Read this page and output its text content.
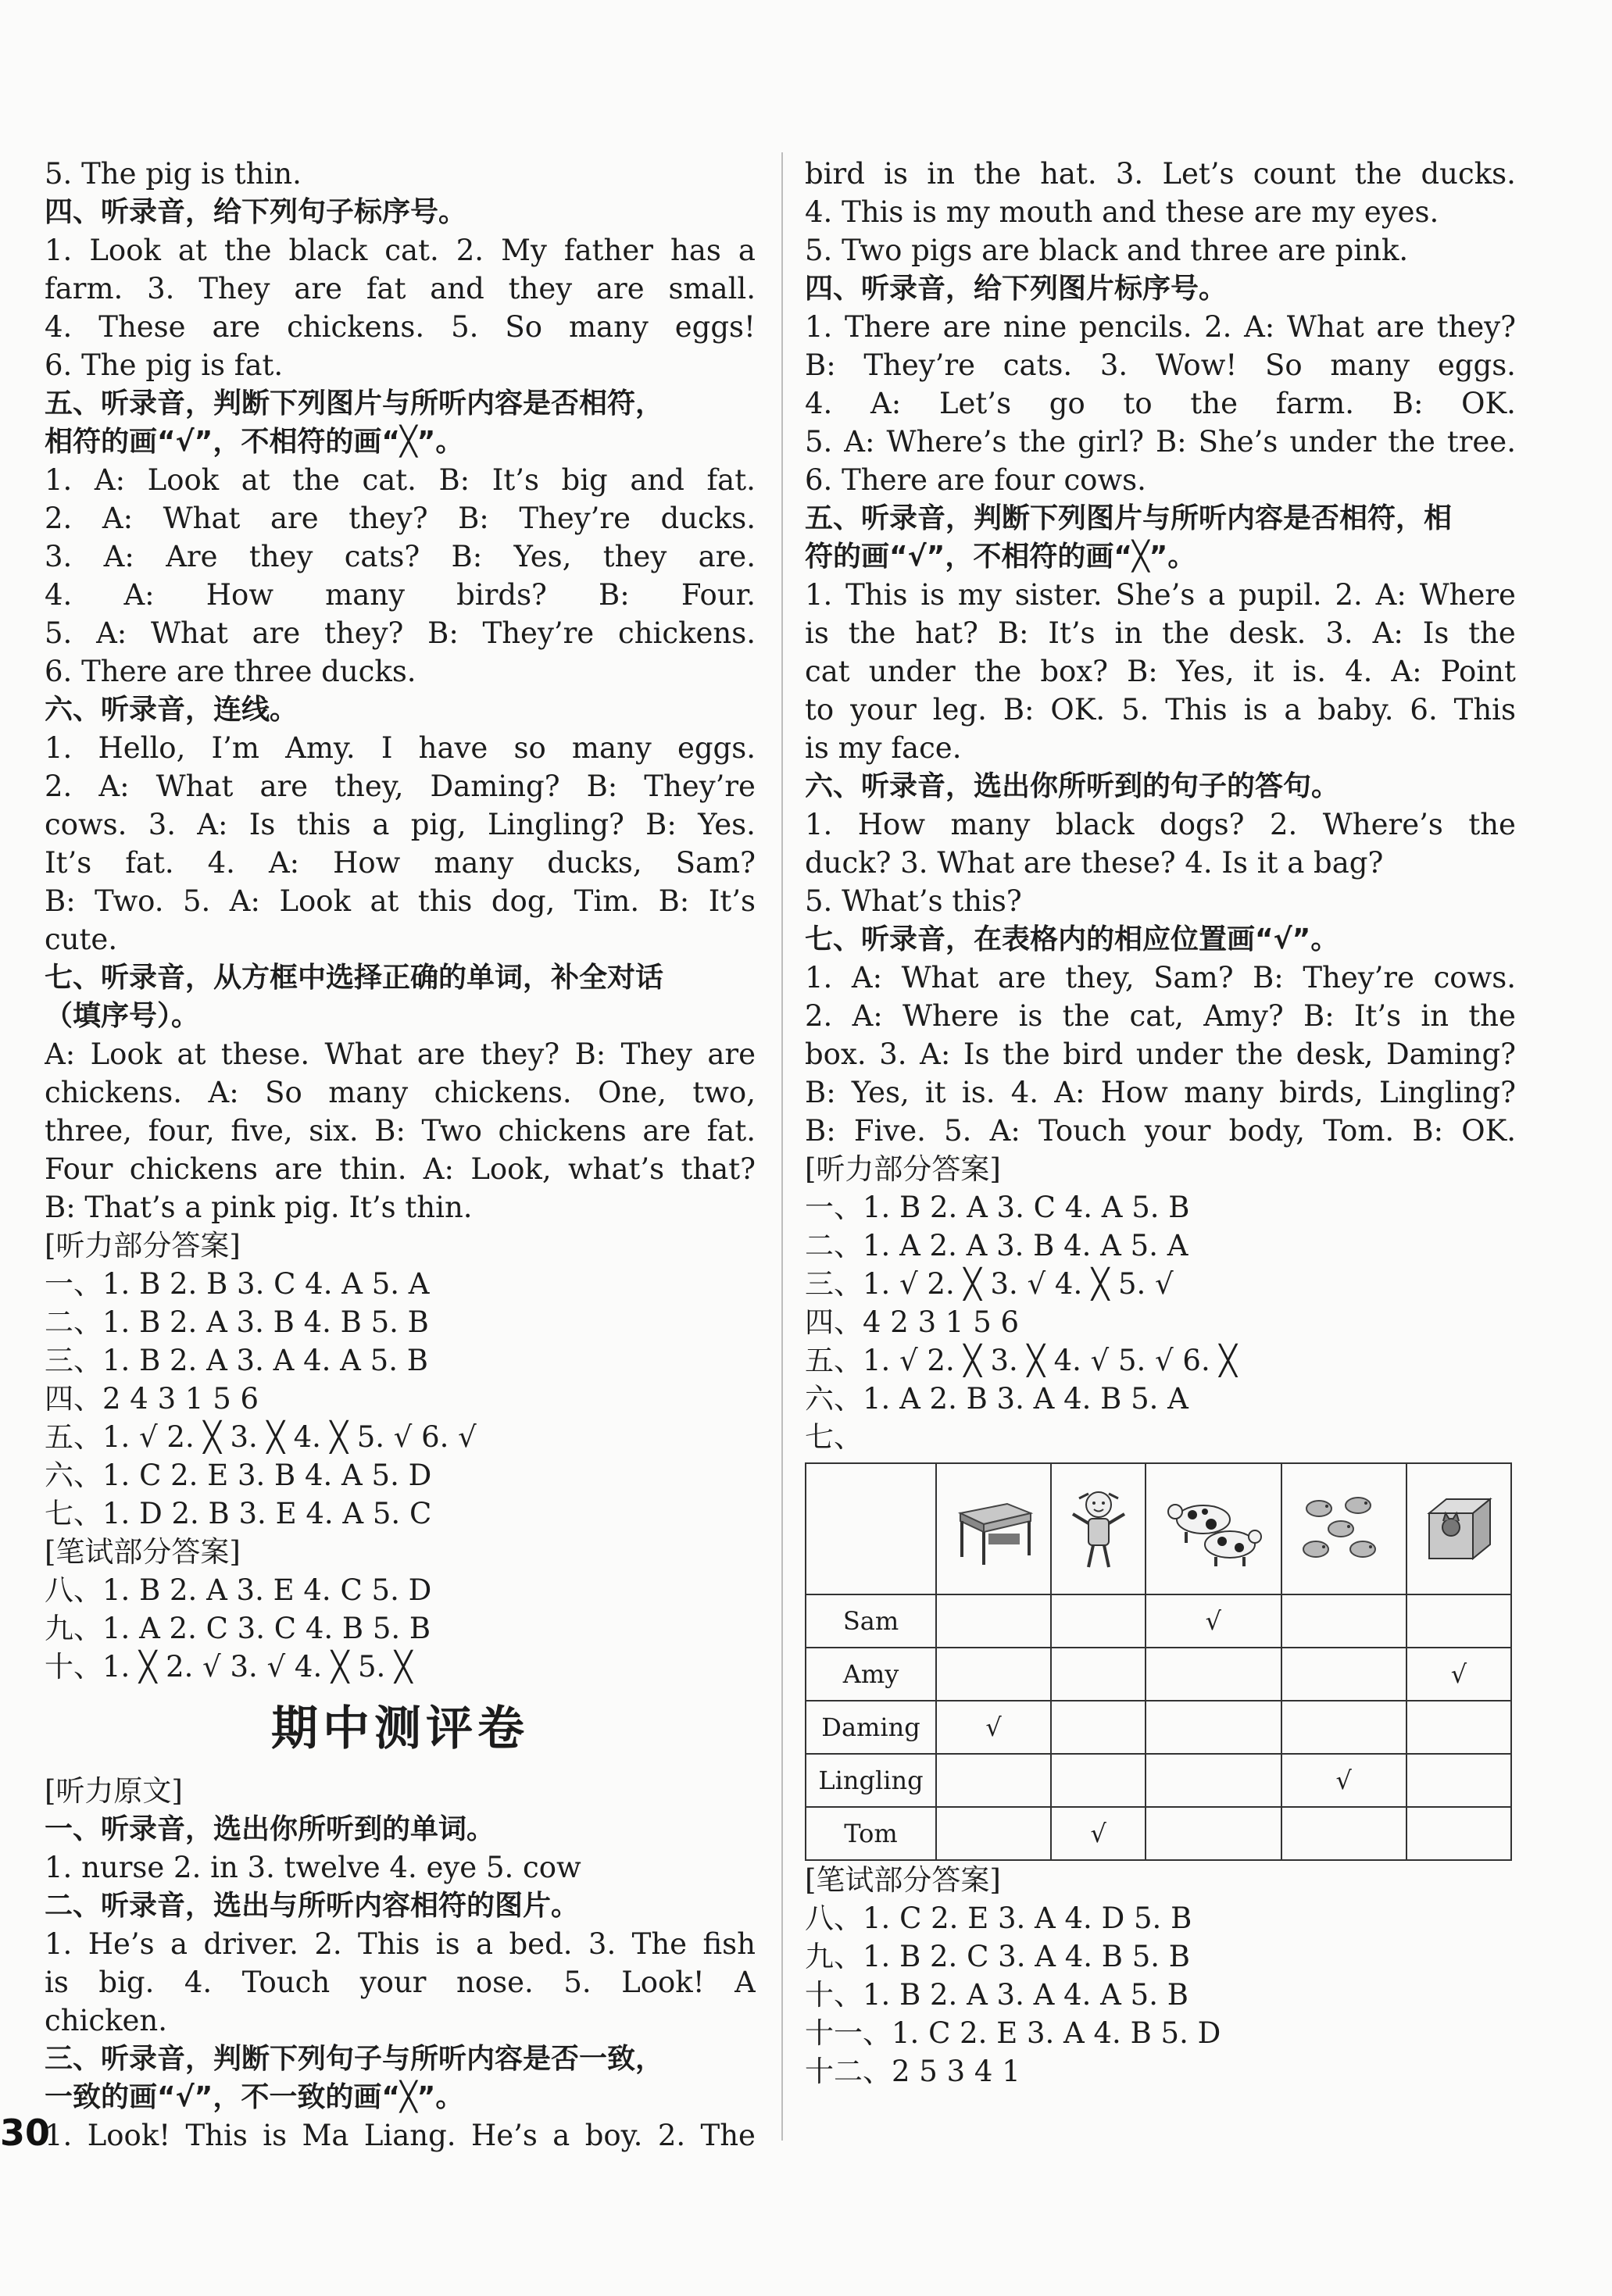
5. The pig is thin.
四、听录音，给下列句子标序号。
1. Look at the black cat. 2. My father has a
farm. 3. They are fat and they are small.
4. These are chickens. 5. So many eggs!
6. The pig is fat.
五、听录音，判断下列图片与所听内容是否相符，
相符的画“√”，不相符的画“╳”。
1. A: Look at the cat. B: It’s big and fat.
2. A: What are they? B: They’re ducks.
3. A: Are they cats? B: Yes, they are.
4. A: How many birds? B: Four.
5. A: What are they? B: They’re chickens.
6. There are three ducks.
六、听录音，连线。
1. Hello, I’m Amy. I have so many eggs.
2. A: What are they, Daming? B: They’re
cows. 3. A: Is this a pig, Lingling? B: Yes.
It’s fat. 4. A: How many ducks, Sam?
B: Two. 5. A: Look at this dog, Tim. B: It’s
cute.
七、听录音，从方框中选择正确的单词，补全对话
（填序号）。
A: Look at these. What are they? B: They are
chickens. A: So many chickens. One, two,
three, four, five, six. B: Two chickens are fat.
Four chickens are thin. A: Look, what’s that?
B: That’s a pink pig. It’s thin.
[听力部分答案]
一、1. B 2. B 3. C 4. A 5. A
二、1. B 2. A 3. B 4. B 5. B
三、1. B 2. A 3. A 4. A 5. B
四、2 4 3 1 5 6
五、1. √ 2. ╳ 3. ╳ 4. ╳ 5. √ 6. √
六、1. C 2. E 3. B 4. A 5. D
七、1. D 2. B 3. E 4. A 5. C
[笔试部分答案]
八、1. B 2. A 3. E 4. C 5. D
九、1. A 2. C 3. C 4. B 5. B
十、1. ╳ 2. √ 3. √ 4. ╳ 5. ╳
期中测评卷
[听力原文]
一、听录音，选出你所听到的单词。
1. nurse 2. in 3. twelve 4. eye 5. cow
二、听录音，选出与所听内容相符的图片。
1. He’s a driver. 2. This is a bed. 3. The fish
is big. 4. Touch your nose. 5. Look! A
chicken.
三、听录音，判断下列句子与所听内容是否一致，
一致的画“√”，不一致的画“╳”。
1. Look! This is Ma Liang. He’s a boy. 2. The
bird is in the hat. 3. Let’s count the ducks.
4. This is my mouth and these are my eyes.
5. Two pigs are black and three are pink.
四、听录音，给下列图片标序号。
1. There are nine pencils. 2. A: What are they?
B: They’re cats. 3. Wow! So many eggs.
4. A: Let’s go to the farm. B: OK.
5. A: Where’s the girl? B: She’s under the tree.
6. There are four cows.
五、听录音，判断下列图片与所听内容是否相符，相
符的画“√”，不相符的画“╳”。
1. This is my sister. She’s a pupil. 2. A: Where
is the hat? B: It’s in the desk. 3. A: Is the
cat under the box? B: Yes, it is. 4. A: Point
to your leg. B: OK. 5. This is a baby. 6. This
is my face.
六、听录音，选出你所听到的句子的答句。
1. How many black dogs? 2. Where’s the
duck? 3. What are these? 4. Is it a bag?
5. What’s this?
七、听录音，在表格内的相应位置画“√”。
1. A: What are they, Sam? B: They’re cows.
2. A: Where is the cat, Amy? B: It’s in the
box. 3. A: Is the bird under the desk, Daming?
B: Yes, it is. 4. A: How many birds, Lingling?
B: Five. 5. A: Touch your body, Tom. B: OK.
[听力部分答案]
一、1. B 2. A 3. C 4. A 5. B
二、1. A 2. A 3. B 4. A 5. A
三、1. √ 2. ╳ 3. √ 4. ╳ 5. √
四、4 2 3 1 5 6
五、1. √ 2. ╳ 3. ╳ 4. √ 5. √ 6. ╳
六、1. A 2. B 3. A 4. B 5. A
七、

Sam			√		
Amy					√
Daming	√				
Lingling				√	
Tom		√			
[笔试部分答案]
八、1. C 2. E 3. A 4. D 5. B
九、1. B 2. C 3. A 4. B 5. B
十、1. B 2. A 3. A 4. A 5. B
十一、1. C 2. E 3. A 4. B 5. D
十二、2 5 3 4 1
30
